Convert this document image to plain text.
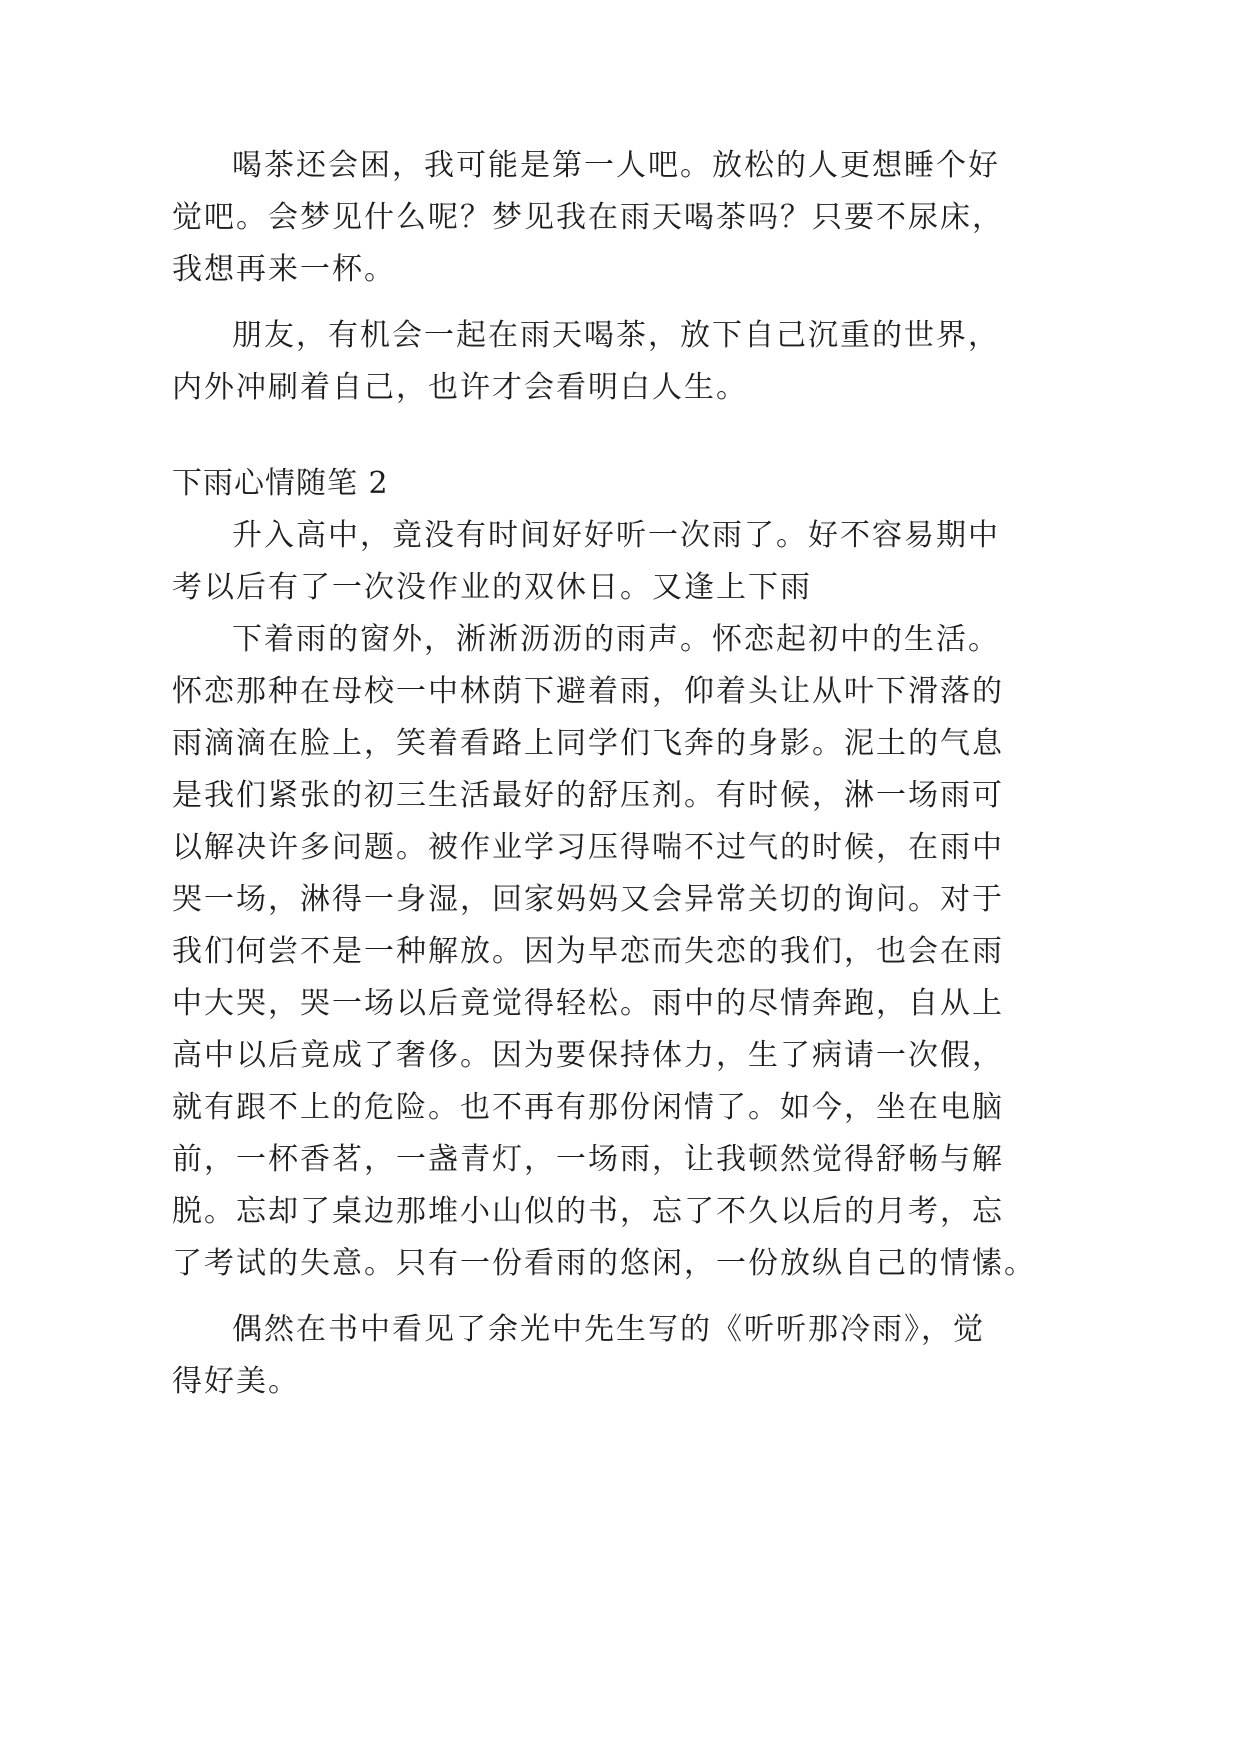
喝茶还会困，我可能是第一人吧。放松的人更想睡个好
觉吧。会梦见什么呢？梦见我在雨天喝茶吗？只要不尿床，
我想再来一杯。
朋友，有机会一起在雨天喝茶，放下自己沉重的世界，
内外冲刷着自己，也许才会看明白人生。
下雨心情随笔 2
升入高中，竟没有时间好好听一次雨了。好不容易期中
考以后有了一次没作业的双休日。又逢上下雨
下着雨的窗外，淅淅沥沥的雨声。怀恋起初中的生活。
怀恋那种在母校一中林荫下避着雨，仰着头让从叶下滑落的
雨滴滴在脸上，笑着看路上同学们飞奔的身影。泥土的气息
是我们紧张的初三生活最好的舒压剂。有时候，淋一场雨可
以解决许多问题。被作业学习压得喘不过气的时候，在雨中
哭一场，淋得一身湿，回家妈妈又会异常关切的询问。对于
我们何尝不是一种解放。因为早恋而失恋的我们，也会在雨
中大哭，哭一场以后竟觉得轻松。雨中的尽情奔跑，自从上
高中以后竟成了奢侈。因为要保持体力，生了病请一次假，
就有跟不上的危险。也不再有那份闲情了。如今，坐在电脑
前，一杯香茗，一盏青灯，一场雨，让我顿然觉得舒畅与解
脱。忘却了桌边那堆小山似的书，忘了不久以后的月考，忘
了考试的失意。只有一份看雨的悠闲，一份放纵自己的情愫。
偶然在书中看见了余光中先生写的《听听那冷雨》，觉
得好美。
